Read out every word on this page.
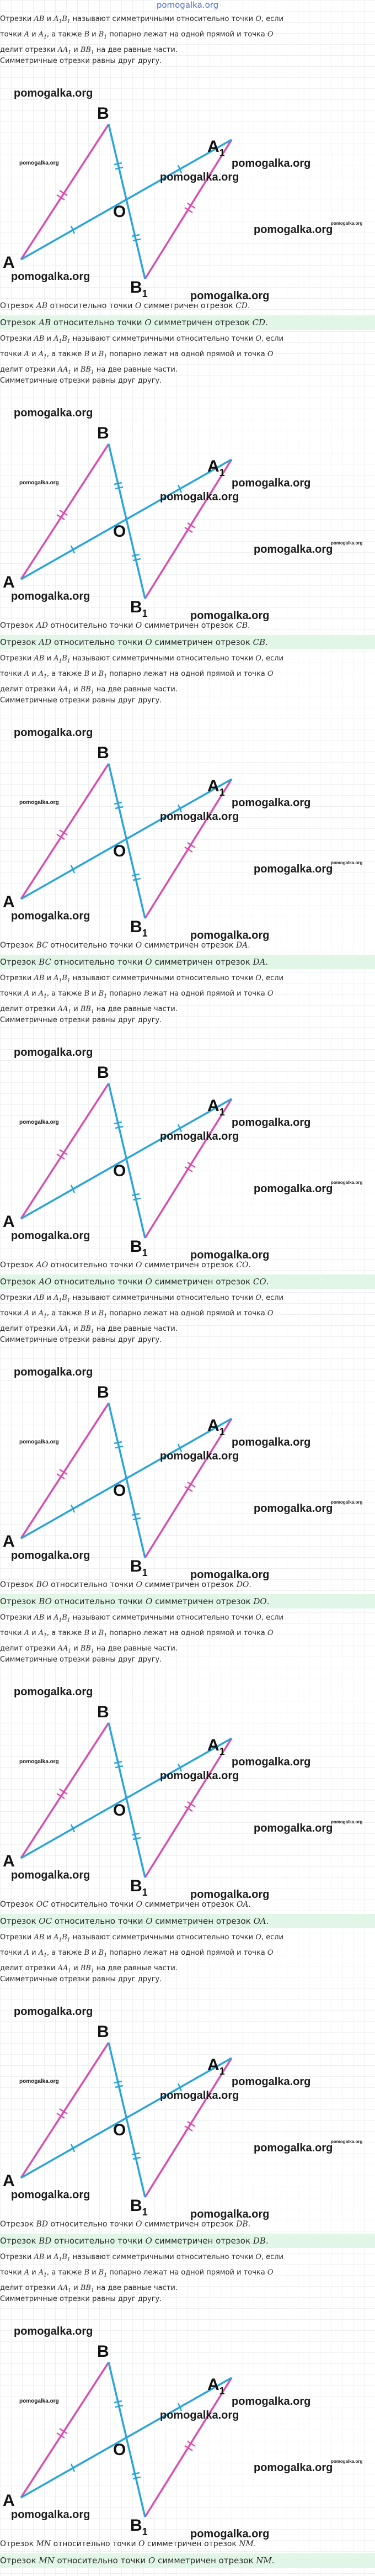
pomogalka.org
Отрезки AB и $A_1B_1$ называют симметричными относительно точки O, если
точки A и $A_1$, а также B и $B_1$ попарно лежат на одной прямой и точка O
делит отрезки $AA_1$ и $BB_1$ на две равные части.
Симметричные отрезки равны друг другу.
B
A
$A_1$
$B_1$
O
Отрезок AB относительно точки O симметричен отрезок CD.
Отрезок AB относительно точки O симметричен отрезок CD.
pomogalka.org
pomogalka.org
pomogalka.org
pomogalka.org
pomogalka.org
pomogalka.org
pomogalka.org
pomogalka.org
Отрезки AB и $A_1B_1$ называют симметричными относительно точки O, если
точки A и $A_1$, а также B и $B_1$ попарно лежат на одной прямой и точка O
делит отрезки $AA_1$ и $BB_1$ на две равные части.
Симметричные отрезки равны друг другу.
B
A
$A_1$
$B_1$
O
Отрезок AD относительно точки O симметричен отрезок CB.
Отрезок AD относительно точки O симметричен отрезок CB.
pomogalka.org
pomogalka.org
pomogalka.org
pomogalka.org
pomogalka.org
pomogalka.org
pomogalka.org
pomogalka.org
Отрезки AB и $A_1B_1$ называют симметричными относительно точки O, если
точки A и $A_1$, а также B и $B_1$ попарно лежат на одной прямой и точка O
делит отрезки $AA_1$ и $BB_1$ на две равные части.
Симметричные отрезки равны друг другу.
B
A
$A_1$
$B_1$
O
Отрезок BC относительно точки O симметричен отрезок DA.
Отрезок BC относительно точки O симметричен отрезок DA.
pomogalka.org
pomogalka.org
pomogalka.org
pomogalka.org
pomogalka.org
pomogalka.org
pomogalka.org
pomogalka.org
Отрезки AB и $A_1B_1$ называют симметричными относительно точки O, если
точки A и $A_1$, а также B и $B_1$ попарно лежат на одной прямой и точка O
делит отрезки $AA_1$ и $BB_1$ на две равные части.
Симметричные отрезки равны друг другу.
B
A
$A_1$
$B_1$
O
Отрезок AO относительно точки O симметричен отрезок CO.
Отрезок AO относительно точки O симметричен отрезок CO.
pomogalka.org
pomogalka.org
pomogalka.org
pomogalka.org
pomogalka.org
pomogalka.org
pomogalka.org
pomogalka.org
Отрезки AB и $A_1B_1$ называют симметричными относительно точки O, если
точки A и $A_1$, а также B и $B_1$ попарно лежат на одной прямой и точка O
делит отрезки $AA_1$ и $BB_1$ на две равные части.
Симметричные отрезки равны друг другу.
B
A
$A_1$
$B_1$
O
Отрезок BO относительно точки O симметричен отрезок DO.
Отрезок BO относительно точки O симметричен отрезок DO.
pomogalka.org
pomogalka.org
pomogalka.org
pomogalka.org
pomogalka.org
pomogalka.org
pomogalka.org
pomogalka.org
Отрезки AB и $A_1B_1$ называют симметричными относительно точки O, если
точки A и $A_1$, а также B и $B_1$ попарно лежат на одной прямой и точка O
делит отрезки $AA_1$ и $BB_1$ на две равные части.
Симметричные отрезки равны друг другу.
B
A
$A_1$
$B_1$
O
Отрезок OC относительно точки O симметричен отрезок OA.
Отрезок OC относительно точки O симметричен отрезок OA.
pomogalka.org
pomogalka.org
pomogalka.org
pomogalka.org
pomogalka.org
pomogalka.org
pomogalka.org
pomogalka.org
Отрезки AB и $A_1B_1$ называют симметричными относительно точки O, если
точки A и $A_1$, а также B и $B_1$ попарно лежат на одной прямой и точка O
делит отрезки $AA_1$ и $BB_1$ на две равные части.
Симметричные отрезки равны друг другу.
B
A
$A_1$
$B_1$
O
Отрезок BD относительно точки O симметричен отрезок DB.
Отрезок BD относительно точки O симметричен отрезок DB.
pomogalka.org
pomogalka.org
pomogalka.org
pomogalka.org
pomogalka.org
pomogalka.org
pomogalka.org
pomogalka.org
Отрезки AB и $A_1B_1$ называют симметричными относительно точки O, если
точки A и $A_1$, а также B и $B_1$ попарно лежат на одной прямой и точка O
делит отрезки $AA_1$ и $BB_1$ на две равные части.
Симметричные отрезки равны друг другу.
B
A
$A_1$
$B_1$
O
Отрезок MN относительно точки O симметричен отрезок NM.
Отрезок MN относительно точки O симметричен отрезок NM.
pomogalka.org
pomogalka.org
pomogalka.org
pomogalka.org
pomogalka.org
pomogalka.org
pomogalka.org
pomogalka.org
